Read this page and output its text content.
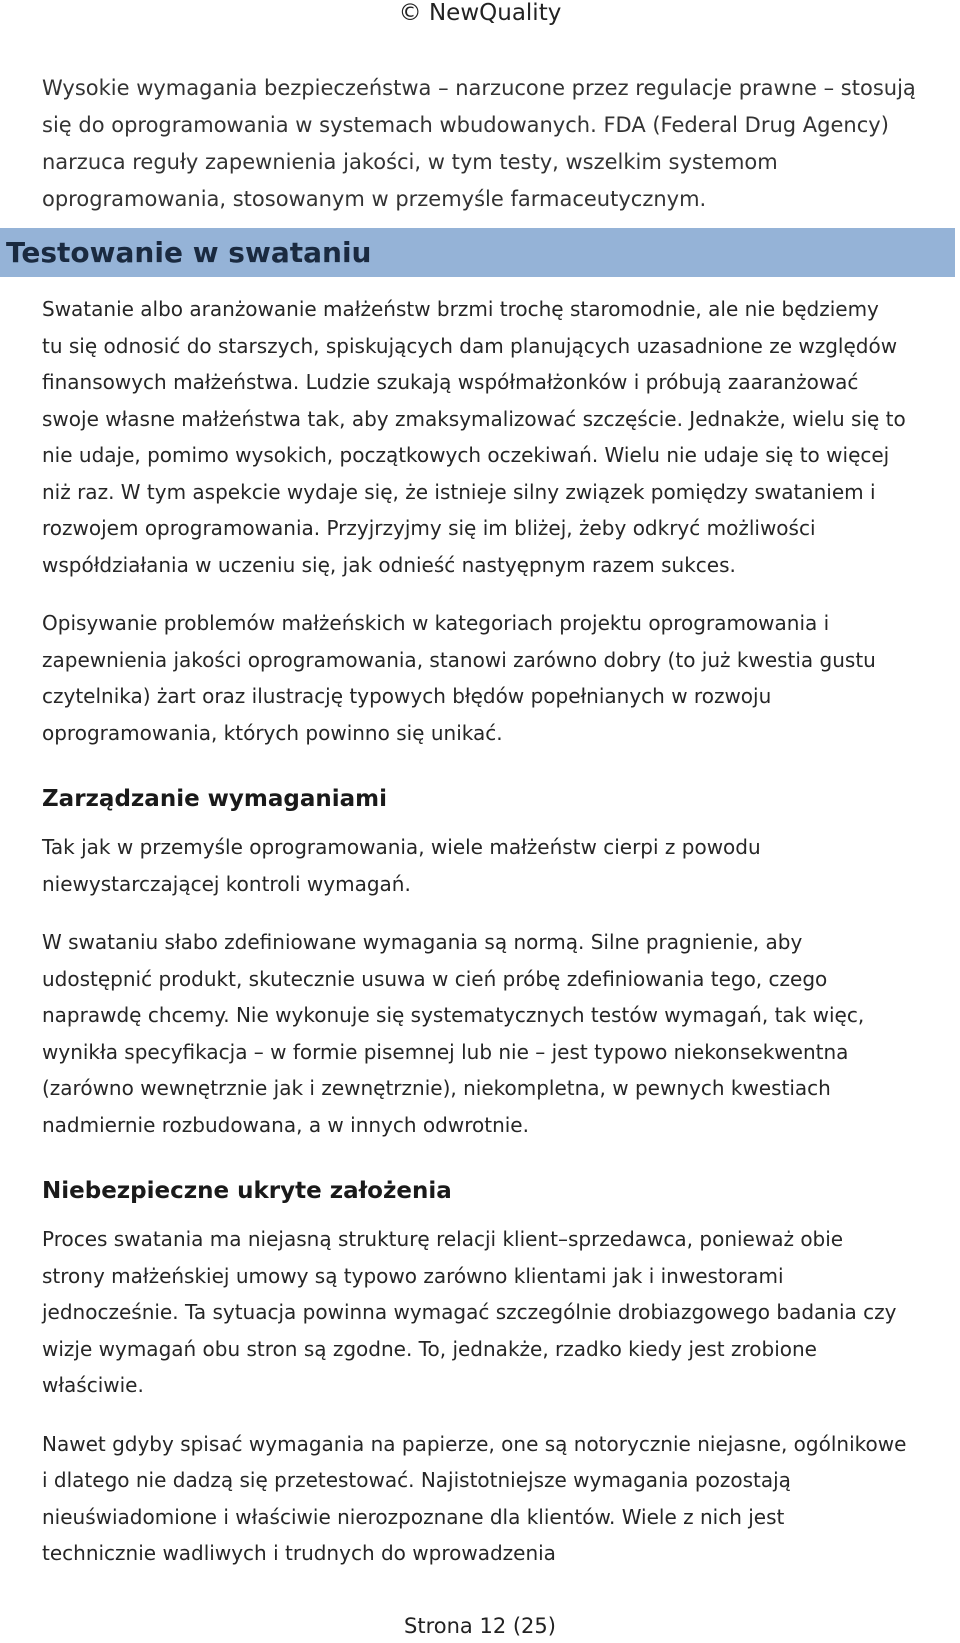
© NewQuality

Wysokie wymagania bezpieczeństwa – narzucone przez regulacje prawne – stosują
się do oprogramowania w systemach wbudowanych. FDA (Federal Drug Agency)
narzuca reguły zapewnienia jakości, w tym testy, wszelkim systemom
oprogramowania, stosowanym w przemyśle farmaceutycznym.

Testowanie w swataniu

Swatanie albo aranżowanie małżeństw brzmi trochę staromodnie, ale nie będziemy
tu się odnosić do starszych, spiskujących dam planujących uzasadnione ze względów
finansowych małżeństwa. Ludzie szukają współmałżonków i próbują zaaranżować
swoje własne małżeństwa tak, aby zmaksymalizować szczęście. Jednakże, wielu się to
nie udaje, pomimo wysokich, początkowych oczekiwań. Wielu nie udaje się to więcej
niż raz. W tym aspekcie wydaje się, że istnieje silny związek pomiędzy swataniem i
rozwojem oprogramowania. Przyjrzyjmy się im bliżej, żeby odkryć możliwości
współdziałania w uczeniu się, jak odnieść nastyępnym razem sukces.

Opisywanie problemów małżeńskich w kategoriach projektu oprogramowania i
zapewnienia jakości oprogramowania, stanowi zarówno dobry (to już kwestia gustu
czytelnika) żart oraz ilustrację typowych błędów popełnianych w rozwoju
oprogramowania, których powinno się unikać.

Zarządzanie wymaganiami

Tak jak w przemyśle oprogramowania, wiele małżeństw cierpi z powodu
niewystarczającej kontroli wymagań.

W swataniu słabo zdefiniowane wymagania są normą. Silne pragnienie, aby
udostępnić produkt, skutecznie usuwa w cień próbę zdefiniowania tego, czego
naprawdę chcemy. Nie wykonuje się systematycznych testów wymagań, tak więc,
wynikła specyfikacja – w formie pisemnej lub nie – jest typowo niekonsekwentna
(zarówno wewnętrznie jak i zewnętrznie), niekompletna, w pewnych kwestiach
nadmiernie rozbudowana, a w innych odwrotnie.

Niebezpieczne ukryte założenia

Proces swatania ma niejasną strukturę relacji klient–sprzedawca, ponieważ obie
strony małżeńskiej umowy są typowo zarówno klientami jak i inwestorami
jednocześnie. Ta sytuacja powinna wymagać szczególnie drobiazgowego badania czy
wizje wymagań obu stron są zgodne. To, jednakże, rzadko kiedy jest zrobione
właściwie.

Nawet gdyby spisać wymagania na papierze, one są notorycznie niejasne, ogólnikowe
i dlatego nie dadzą się przetestować. Najistotniejsze wymagania pozostają
nieuświadomione i właściwie nierozpoznane dla klientów. Wiele z nich jest
technicznie wadliwych i trudnych do wprowadzenia

Strona 12 (25)
